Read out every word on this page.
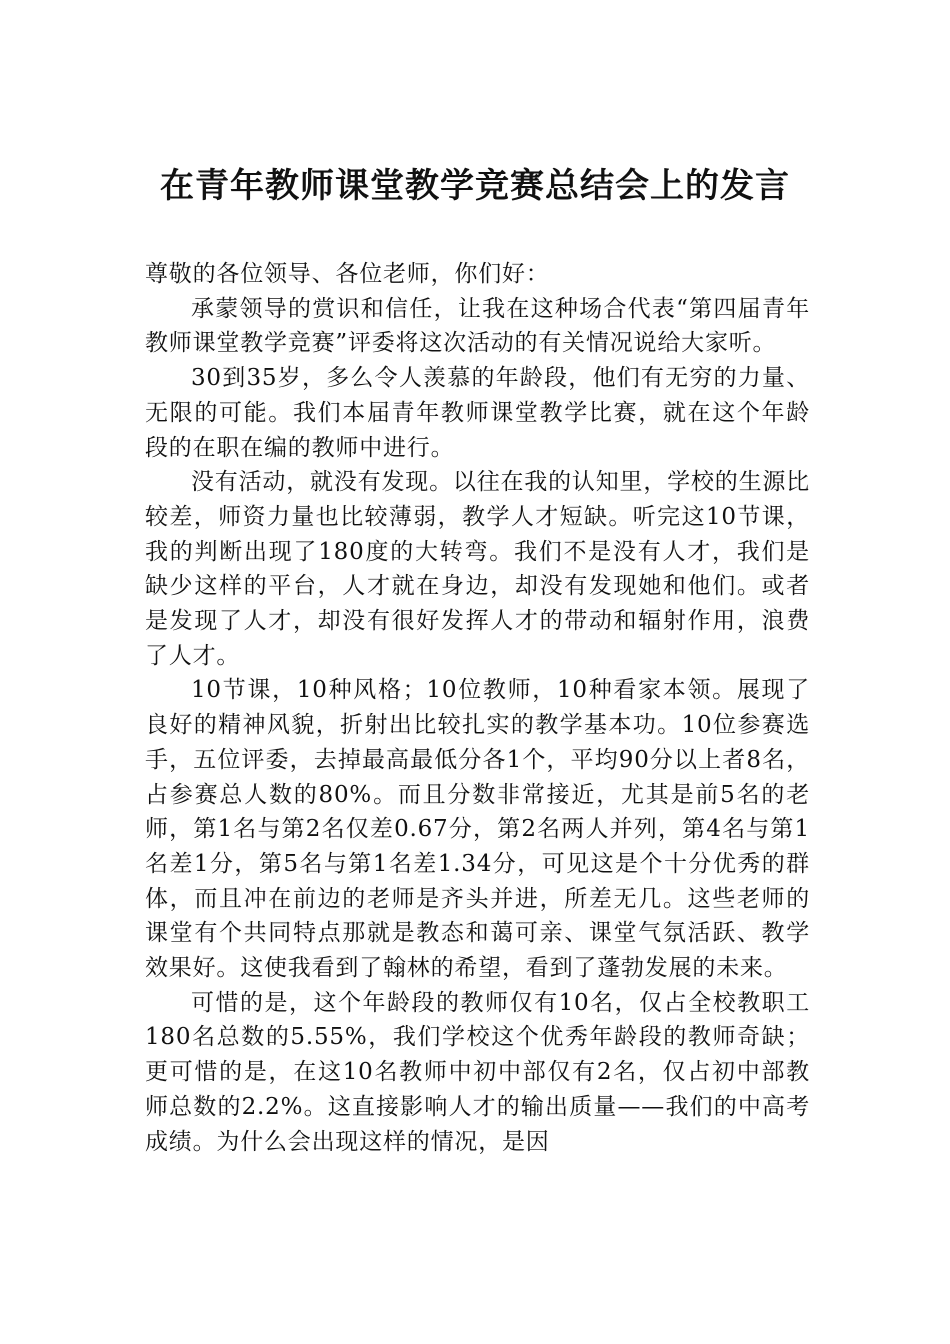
在青年教师课堂教学竞赛总结会上的发言

尊敬的各位领导、各位老师，你们好：

承蒙领导的赏识和信任，让我在这种场合代表“第四届青年教师课堂教学竞赛”评委将这次活动的有关情况说给大家听。

30到35岁，多么令人羡慕的年龄段，他们有无穷的力量、无限的可能。我们本届青年教师课堂教学比赛，就在这个年龄段的在职在编的教师中进行。

没有活动，就没有发现。以往在我的认知里，学校的生源比较差，师资力量也比较薄弱，教学人才短缺。听完这10节课，我的判断出现了180度的大转弯。我们不是没有人才，我们是缺少这样的平台，人才就在身边，却没有发现她和他们。或者是发现了人才，却没有很好发挥人才的带动和辐射作用，浪费了人才。

10节课，10种风格；10位教师，10种看家本领。展现了良好的精神风貌，折射出比较扎实的教学基本功。10位参赛选手，五位评委，去掉最高最低分各1个，平均90分以上者8名，占参赛总人数的80%。而且分数非常接近，尤其是前5名的老师，第1名与第2名仅差0.67分，第2名两人并列，第4名与第1名差1分，第5名与第1名差1.34分，可见这是个十分优秀的群体，而且冲在前边的老师是齐头并进，所差无几。这些老师的课堂有个共同特点那就是教态和蔼可亲、课堂气氛活跃、教学效果好。这使我看到了翰林的希望，看到了蓬勃发展的未来。

可惜的是，这个年龄段的教师仅有10名，仅占全校教职工180名总数的5.55%，我们学校这个优秀年龄段的教师奇缺；更可惜的是，在这10名教师中初中部仅有2名，仅占初中部教师总数的2.2%。这直接影响人才的输出质量——我们的中高考成绩。为什么会出现这样的情况，是因
